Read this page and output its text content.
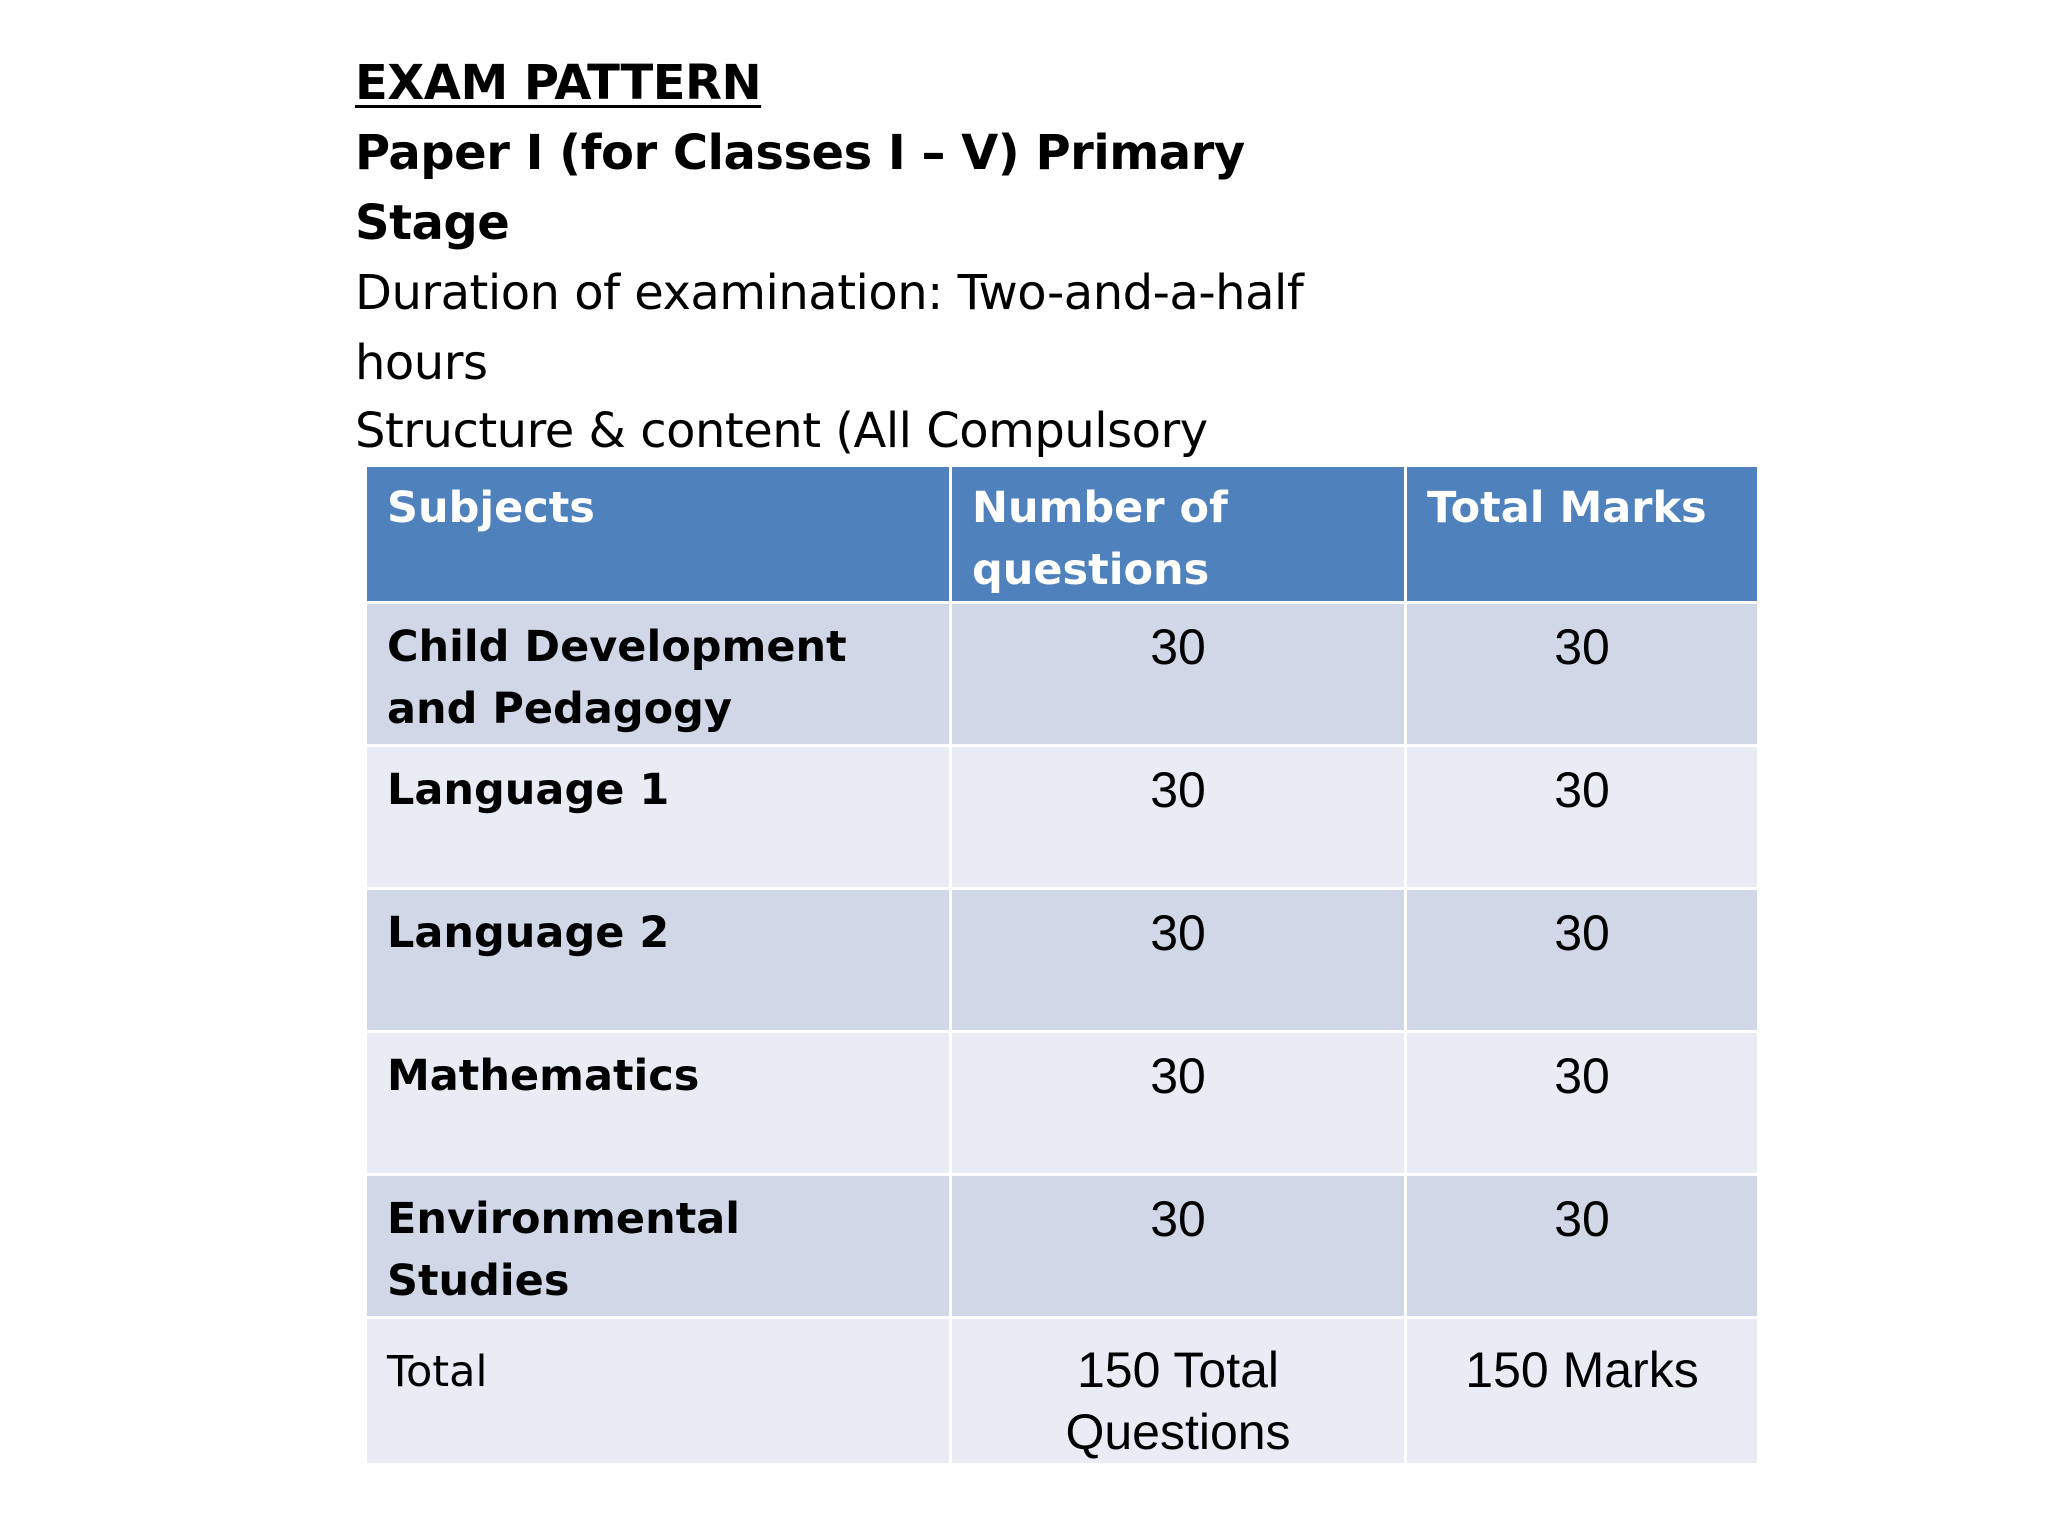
EXAM PATTERN

Paper I (for Classes I – V) Primary Stage

Duration of examination: Two-and-a-half hours

Structure & content (All Compulsory

Subjects	Number of questions	Total Marks
Child Development and Pedagogy	30	30
Language 1	30	30
Language 2	30	30
Mathematics	30	30
Environmental Studies	30	30
Total	150 Total Questions	150 Marks
